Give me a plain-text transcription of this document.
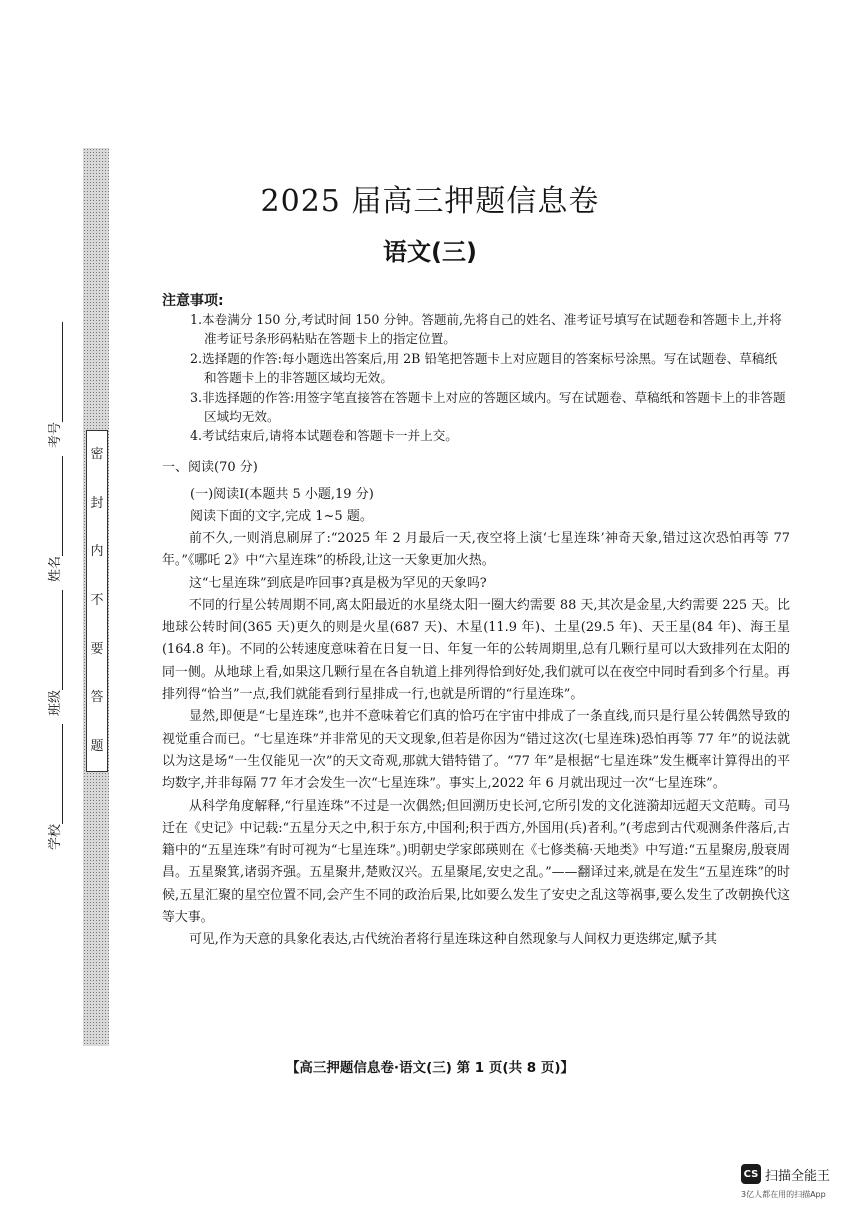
密
封
内
不
要
答
题
学校
班级
姓名
考号
2025 届高三押题信息卷
语文(三)
注意事项:
1.本卷满分 150 分,考试时间 150 分钟。答题前,先将自己的姓名、准考证号填写在试题卷和答题卡上,并将准考证号条形码粘贴在答题卡上的指定位置。
2.选择题的作答:每小题选出答案后,用 2B 铅笔把答题卡上对应题目的答案标号涂黑。写在试题卷、草稿纸和答题卡上的非答题区域均无效。
3.非选择题的作答:用签字笔直接答在答题卡上对应的答题区域内。写在试题卷、草稿纸和答题卡上的非答题区域均无效。
4.考试结束后,请将本试题卷和答题卡一并上交。
一、阅读(70 分)
(一)阅读Ⅰ(本题共 5 小题,19 分)
阅读下面的文字,完成 1~5 题。

前不久,一则消息刷屏了:“2025 年 2 月最后一天,夜空将上演‘七星连珠’神奇天象,错过这次恐怕再等 77 年。”《哪吒 2》中“六星连珠”的桥段,让这一天象更加火热。

这“七星连珠”到底是咋回事?真是极为罕见的天象吗?

不同的行星公转周期不同,离太阳最近的水星绕太阳一圈大约需要 88 天,其次是金星,大约需要 225 天。比地球公转时间(365 天)更久的则是火星(687 天)、木星(11.9 年)、土星(29.5 年)、天王星(84 年)、海王星(164.8 年)。不同的公转速度意味着在日复一日、年复一年的公转周期里,总有几颗行星可以大致排列在太阳的同一侧。从地球上看,如果这几颗行星在各自轨道上排列得恰到好处,我们就可以在夜空中同时看到多个行星。再排列得“恰当”一点,我们就能看到行星排成一行,也就是所谓的“行星连珠”。

显然,即便是“七星连珠”,也并不意味着它们真的恰巧在宇宙中排成了一条直线,而只是行星公转偶然导致的视觉重合而已。“七星连珠”并非常见的天文现象,但若是你因为“错过这次(七星连珠)恐怕再等 77 年”的说法就以为这是场“一生仅能见一次”的天文奇观,那就大错特错了。“77 年”是根据“七星连珠”发生概率计算得出的平均数字,并非每隔 77 年才会发生一次“七星连珠”。事实上,2022 年 6 月就出现过一次“七星连珠”。

从科学角度解释,“行星连珠”不过是一次偶然;但回溯历史长河,它所引发的文化涟漪却远超天文范畴。司马迁在《史记》中记载:“五星分天之中,积于东方,中国利;积于西方,外国用(兵)者利。”(考虑到古代观测条件落后,古籍中的“五星连珠”有时可视为“七星连珠”。)明朝史学家郎瑛则在《七修类稿·天地类》中写道:“五星聚房,殷衰周昌。五星聚箕,诸弱齐强。五星聚井,楚败汉兴。五星聚尾,安史之乱。”——翻译过来,就是在发生“五星连珠”的时候,五星汇聚的星空位置不同,会产生不同的政治后果,比如要么发生了安史之乱这等祸事,要么发生了改朝换代这等大事。

可见,作为天意的具象化表达,古代统治者将行星连珠这种自然现象与人间权力更迭绑定,赋予其

【高三押题信息卷·语文(三) 第 1 页(共 8 页)】
CS 扫描全能王
3亿人都在用的扫描App
